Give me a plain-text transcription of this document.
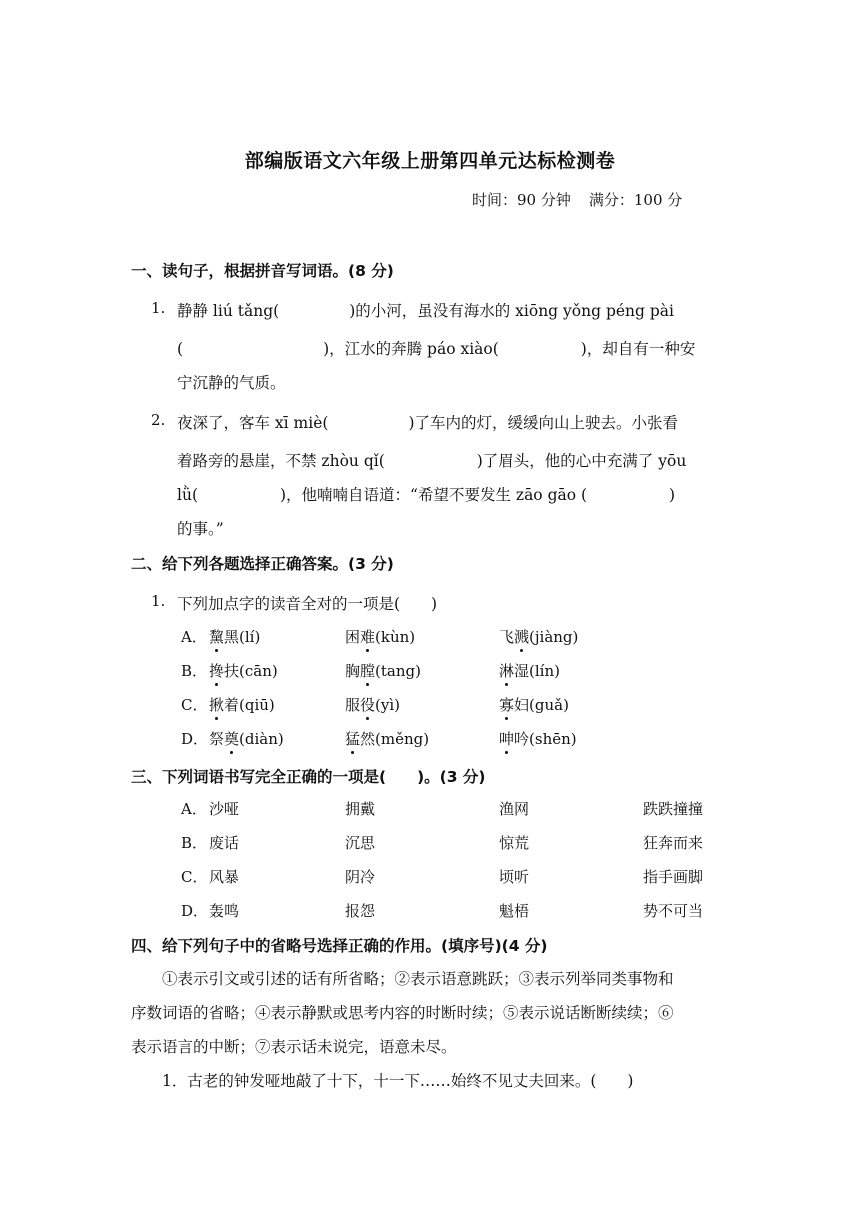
部编版语文六年级上册第四单元达标检测卷
时间：90 分钟 满分：100 分
一、读句子，根据拼音写词语。(8 分)
1. 静静 liú tǎng(	)的小河，虽没有海水的 xiōng yǒng péng pài
(	)，江水的奔腾 páo xiào(	)，却自有一种安
宁沉静的气质。
2. 夜深了，客车 xī miè(	)了车内的灯，缓缓向山上驶去。小张看
着路旁的悬崖，不禁 zhòu qǐ(	)了眉头，他的心中充满了 yōu
lǜ(	)，他喃喃自语道：“希望不要发生 zāo gāo (	)
的事。”
二、给下列各题选择正确答案。(3 分)
1. 下列加点字的读音全对的一项是(　　)
A． 黧黑(lí)	困难(kùn)	飞溅(jiàng)
B． 搀扶(cān)	胸膛(tang)	淋湿(lín)
C． 揪着(qiū)	服役(yì)	寡妇(guǎ)
D． 祭奠(diàn)	猛然(měng)	呻吟(shēn)
三、下列词语书写完全正确的一项是(　　)。(3 分)
A． 沙哑	拥戴	渔网	跌跌撞撞
B． 废话	沉思	惊荒	狂奔而来
C． 风暴	阴冷	顷听	指手画脚
D． 轰鸣	报怨	魁梧	势不可当
四、给下列句子中的省略号选择正确的作用。(填序号)(4 分)
①表示引文或引述的话有所省略；②表示语意跳跃；③表示列举同类事物和
序数词语的省略；④表示静默或思考内容的时断时续；⑤表示说话断断续续；⑥
表示语言的中断；⑦表示话未说完，语意未尽。
1．古老的钟发哑地敲了十下，十一下……始终不见丈夫回来。(　　)
